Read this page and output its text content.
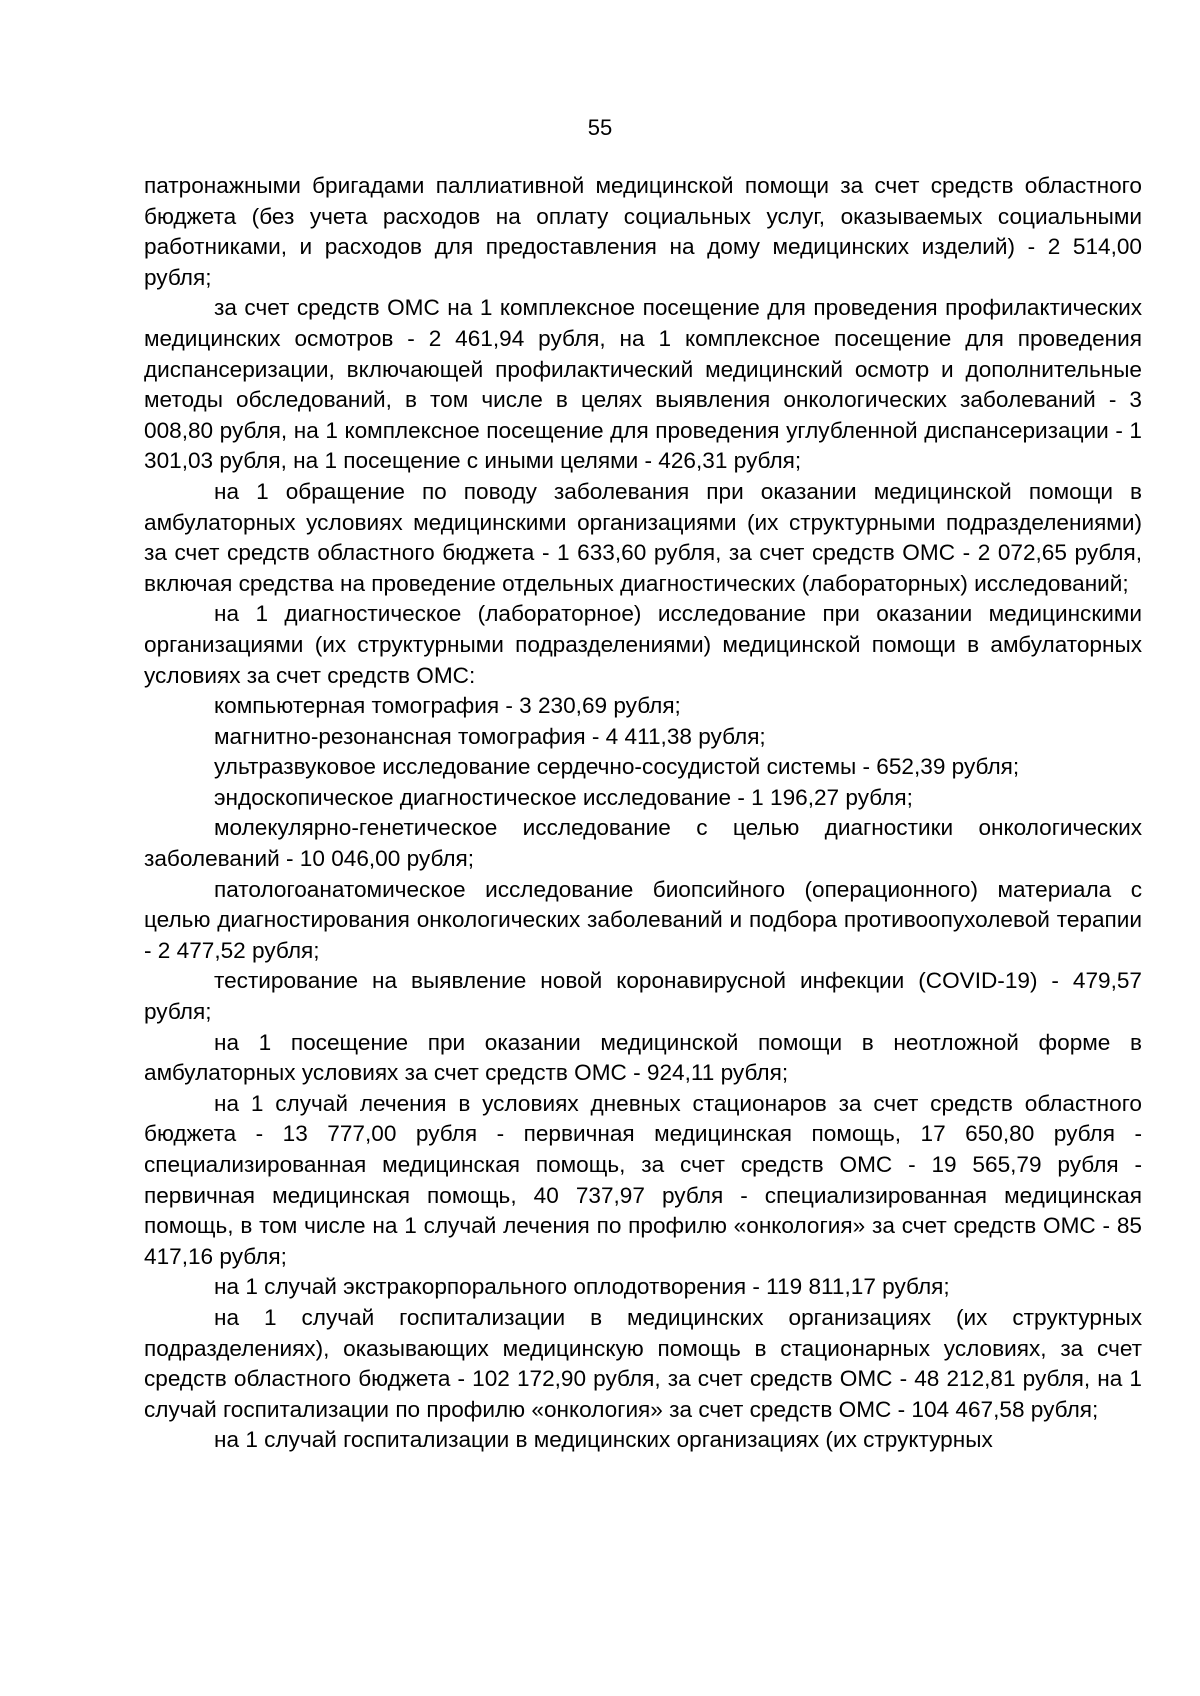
55

патронажными бригадами паллиативной медицинской помощи за счет средств областного бюджета (без учета расходов на оплату социальных услуг, оказываемых социальными работниками, и расходов для предоставления на дому медицинских изделий) - 2 514,00 рубля;

за счет средств ОМС на 1 комплексное посещение для проведения профилактических медицинских осмотров - 2 461,94 рубля, на 1 комплексное посещение для проведения диспансеризации, включающей профилактический медицинский осмотр и дополнительные методы обследований, в том числе в целях выявления онкологических заболеваний - 3 008,80 рубля, на 1 комплексное посещение для проведения углубленной диспансеризации - 1 301,03 рубля, на 1 посещение с иными целями - 426,31 рубля;

на 1 обращение по поводу заболевания при оказании медицинской помощи в амбулаторных условиях медицинскими организациями (их структурными подразделениями) за счет средств областного бюджета - 1 633,60 рубля, за счет средств ОМС - 2 072,65 рубля, включая средства на проведение отдельных диагностических (лабораторных) исследований;

на 1 диагностическое (лабораторное) исследование при оказании медицинскими организациями (их структурными подразделениями) медицинской помощи в амбулаторных условиях за счет средств ОМС:

компьютерная томография - 3 230,69 рубля;

магнитно-резонансная томография - 4 411,38 рубля;

ультразвуковое исследование сердечно-сосудистой системы - 652,39 рубля;

эндоскопическое диагностическое исследование - 1 196,27 рубля;

молекулярно-генетическое исследование с целью диагностики онкологических заболеваний - 10 046,00 рубля;

патологоанатомическое исследование биопсийного (операционного) материала с целью диагностирования онкологических заболеваний и подбора противоопухолевой терапии - 2 477,52 рубля;

тестирование на выявление новой коронавирусной инфекции (COVID-19) - 479,57 рубля;

на 1 посещение при оказании медицинской помощи в неотложной форме в амбулаторных условиях за счет средств ОМС - 924,11 рубля;

на 1 случай лечения в условиях дневных стационаров за счет средств областного бюджета - 13 777,00 рубля - первичная медицинская помощь, 17 650,80 рубля - специализированная медицинская помощь, за счет средств ОМС - 19 565,79 рубля - первичная медицинская помощь, 40 737,97 рубля - специализированная медицинская помощь, в том числе на 1 случай лечения по профилю «онкология» за счет средств ОМС - 85 417,16 рубля;

на 1 случай экстракорпорального оплодотворения - 119 811,17 рубля;

на 1 случай госпитализации в медицинских организациях (их структурных подразделениях), оказывающих медицинскую помощь в стационарных условиях, за счет средств областного бюджета - 102 172,90 рубля, за счет средств ОМС - 48 212,81 рубля, на 1 случай госпитализации по профилю «онкология» за счет средств ОМС - 104 467,58 рубля;

на 1 случай госпитализации в медицинских организациях (их структурных
